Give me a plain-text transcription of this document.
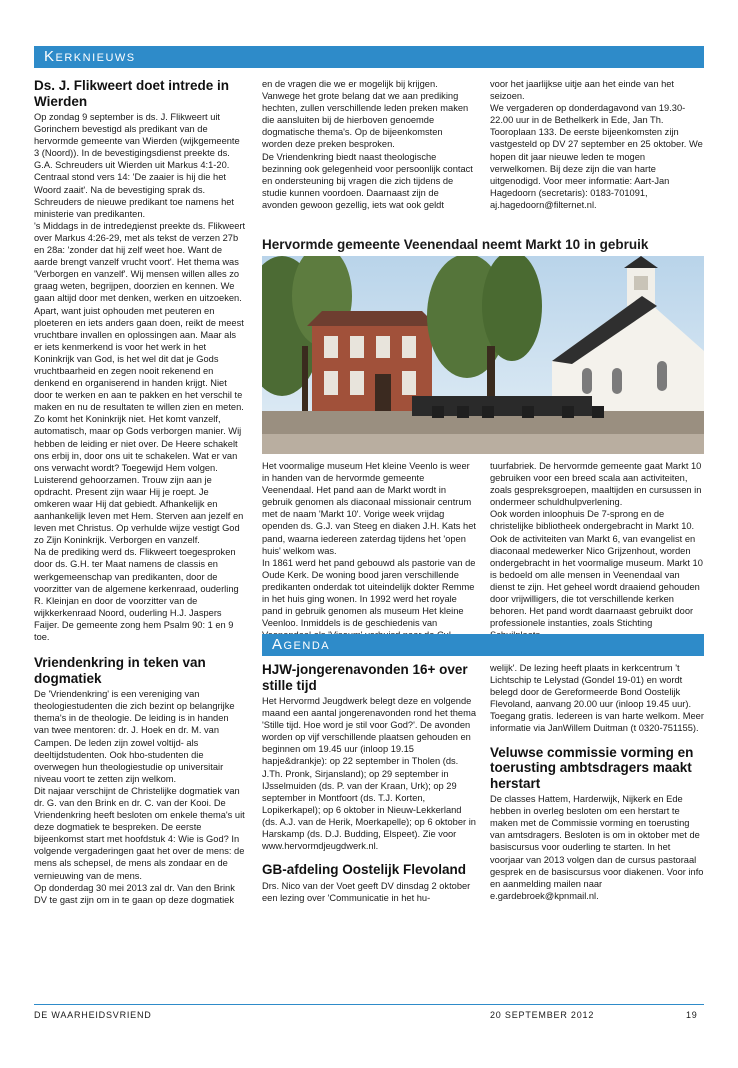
Kerknieuws
Ds. J. Flikweert doet intrede in Wierden

Op zondag 9 september is ds. J. Flikweert uit Gorinchem bevestigd als predikant van de hervormde gemeente van Wierden (wijkgemeente 3 (Noord)). In de bevestigingsdienst preekte ds. G.A. Schreuders uit Wierden uit Markus 4:1-20. Centraal stond vers 14: 'De zaaier is hij die het Woord zaait'. Na de bevestiging sprak ds. Schreuders de nieuwe predikant toe namens het ministerie van predikanten.
's Middags in de intredедienst preekte ds. Flikweert over Markus 4:26-29, met als tekst de verzen 27b en 28a: 'zonder dat hij zelf weet hoe. Want de aarde brengt vanzelf vrucht voort'. Het thema was 'Verborgen en vanzelf'. Wij mensen willen alles zo graag weten, begrijpen, doorzien en kennen. We gaan altijd door met denken, werken en uitzoeken. Apart, want juist ophouden met peuteren en ploeteren en iets anders gaan doen, reikt de meest vruchtbare invallen en oplossingen aan. Maar als er iets kenmerkend is voor het werk in het Koninkrijk van God, is het wel dit dat je Gods vruchtbaarheid en zegen nooit rekenend en denkend en organiserend in handen krijgt. Niet door te werken en aan te pakken en het verschil te maken en nu de resultaten te willen zien en meten. Zo komt het Koninkrijk niet. Het komt vanzelf, automatisch, maar op Gods verborgen manier. Wij hebben de leiding er niet over. De Heere schakelt ons erbij in, door ons uit te schakelen. Wat er van ons verwacht wordt? Toegewijd Hem volgen. Luisterend gehoorzamen. Trouw zijn aan je opdracht. Present zijn waar Hij je roept. Je omkeren waar Hij dat gebiedt. Afhankelijk en aanhankelijk leven met Hem. Sterven aan jezelf en leven met Christus. Op verhulde wijze vestigt God zo Zijn Koninkrijk. Verborgen en vanzelf.
Na de prediking werd ds. Flikweert toegesproken door ds. G.H. ter Maat namens de classis en werkgemeenschap van predikanten, door de voorzitter van de algemene kerkenraad, ouderling R. Kleinjan en door de voorzitter van de wijkkerkenraad Noord, ouderling H.J. Jaspers Faijer. De gemeente zong hem Psalm 90: 1 en 9 toe.

Vriendenkring in teken van dogmatiek

De 'Vriendenkring' is een vereniging van theologiestudenten die zich bezint op belangrijke thema's in de theologie. De leiding is in handen van twee mentoren: dr. J. Hoek en dr. M. van Campen. De leden zijn zowel voltijd- als deeltijdstudenten. Ook hbo-studenten die overwegen hun theologiestudie op universitair niveau voort te zetten zijn welkom.
Dit najaar verschijnt de Christelijke dogmatiek van dr. G. van den Brink en dr. C. van der Kooi. De Vriendenkring heeft besloten om enkele thema's uit deze dogmatiek te bespreken. De eerste bijeenkomst start met hoofdstuk 4: Wie is God? In volgende vergaderingen gaat het over de mens: de mens als schepsel, de mens als zondaar en de vernieuwing van de mens.
Op donderdag 30 mei 2013 zal dr. Van den Brink DV te gast zijn om in te gaan op deze dogmatiek

en de vragen die we er mogelijk bij krijgen. Vanwege het grote belang dat we aan prediking hechten, zullen verschillende leden preken maken die aansluiten bij de hierboven genoemde dogmatische thema's. Op de bijeenkomsten worden deze preken besproken.
De Vriendenkring biedt naast theologische bezinning ook gelegenheid voor persoonlijk contact en ondersteuning bij vragen die zich tijdens de studie kunnen voordoen. Daarnaast zijn de avonden gewoon gezellig, iets wat ook geldt

voor het jaarlijkse uitje aan het einde van het seizoen.
We vergaderen op donderdagavond van 19.30-22.00 uur in de Bethelkerk in Ede, Jan Th. Tooroplaan 133. De eerste bijeenkomsten zijn vastgesteld op DV 27 september en 25 oktober. We hopen dit jaar nieuwe leden te mogen verwelkomen. Bij deze zijn die van harte uitgenodigd. Voor meer informatie: Aart-Jan Hagedoorn (secretaris): 0183-701091, aj.hagedoorn@filternet.nl.

Hervormde gemeente Veenendaal neemt Markt 10 in gebruik

Het voormalige museum Het kleine Veenlo is weer in handen van de hervormde gemeente Veenendaal. Het pand aan de Markt wordt in gebruik genomen als diaconaal missionair centrum met de naam 'Markt 10'. Vorige week vrijdag openden ds. G.J. van Steeg en diaken J.H. Kats het pand, waarna iedereen zaterdag tijdens het 'open huis' welkom was.
In 1861 werd het pand gebouwd als pastorie van de Oude Kerk. De woning bood jaren verschillende predikanten onderdak tot uiteindelijk dokter Remme in het huis ging wonen. In 1992 werd het royale pand in gebruik genomen als museum Het kleine Veenloo. Inmiddels is de geschiedenis van

tuurfabriek. De hervormde gemeente gaat Markt 10 gebruiken voor een breed scala aan activiteiten, zoals gespreksgroepen, maaltijden en cursussen in ondermeer schuldhulpverlening.
Ook worden inloophuis De 7-sprong en de christelijke bibliotheek ondergebracht in Markt 10. Ook de activiteiten van Markt 6, van evangelist en diaconaal medewerker Nico Grijzenhout, worden ondergebracht in het voormalige museum. Markt 10 is bedoeld om alle mensen in Veenendaal van dienst te zijn. Het geheel wordt draaiend gehouden door vrijwilligers, die tot verschillende kerken behoren. Het pand wordt daarnaast gebruikt door professionele instanties, zoals Stichting

Agenda
HJW-jongerenavonden 16+ over stille tijd

Het Hervormd Jeugdwerk belegt deze en volgende maand een aantal jongerenavonden rond het thema 'Stille tijd. Hoe word je stil voor God?'. De avonden worden op vijf verschillende plaatsen gehouden en beginnen om 19.45 uur (inloop 19.15 hapje&drankje): op 22 september in Tholen (ds. J.Th. Pronk, Sirjansland); op 29 september in IJsselmuiden (ds. P. van der Kraan, Urk); op 29 september in Montfoort (ds. T.J. Korten, Lopikerkapel); op 6 oktober in Nieuw-Lekkerland (ds. A.J. van de Herik, Moerkapelle); op 6 oktober in Harskamp (ds. D.J. Budding, Elspeet). Zie voor www.hervormdjeugdwerk.nl.

GB-afdeling Oostelijk Flevoland

Drs. Nico van der Voet geeft DV dinsdag 2 oktober een lezing over 'Communicatie in het hu-

welijk'. De lezing heeft plaats in kerkcentrum 't Lichtschip te Lelystad (Gondel 19-01) en wordt belegd door de Gereformeerde Bond Oostelijk Flevoland, aanvang 20.00 uur (inloop 19.45 uur). Toegang gratis. Iedereen is van harte welkom. Meer informatie via JanWillem Duitman (t 0320-751155).

Veluwse commissie vorming en toerusting ambtsdragers maakt herstart

De classes Hattem, Harderwijk, Nijkerk en Ede hebben in overleg besloten om een herstart te maken met de Commissie vorming en toerusting van amtsdragers. Besloten is om in oktober met de basiscursus voor ouderling te starten. In het voorjaar van 2013 volgen dan de cursus pastoraal gesprek en de basiscursus voor diakenen. Voor info en aanmelding mailen naar e.gardebroek@kpnmail.nl.

DE WAARHEIDSVRIEND	20 SEPTEMBER 2012	19
